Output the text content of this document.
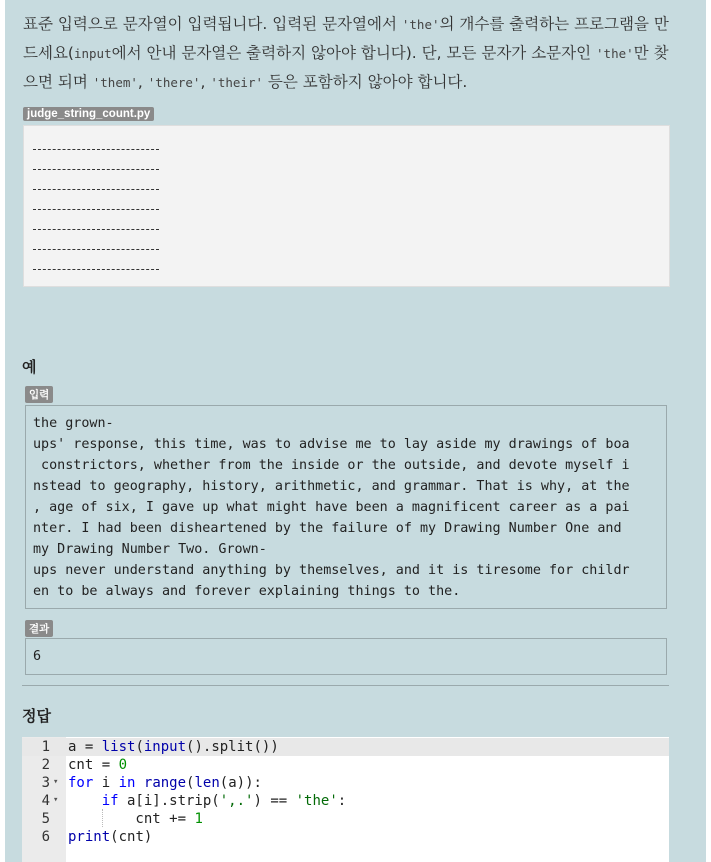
표준 입력으로 문자열이 입력됩니다. 입력된 문자열에서 'the'의 개수를 출력하는 프로그램을 만
드세요(input에서 안내 문자열은 출력하지 않아야 합니다). 단, 모든 문자가 소문자인 'the'만 찾
으면 되며 'them', 'there', 'their' 등은 포함하지 않아야 합니다.
judge_string_count.py
예
입력
the grown-
ups' response, this time, was to advise me to lay aside my drawings of boa
constrictors, whether from the inside or the outside, and devote myself i
nstead to geography, history, arithmetic, and grammar. That is why, at the
, age of six, I gave up what might have been a magnificent career as a pai
nter. I had been disheartened by the failure of my Drawing Number One and
my Drawing Number Two. Grown-
ups never understand anything by themselves, and it is tiresome for childr
en to be always and forever explaining things to the.
결과
6
정답
1 a = list(input().split())
2 cnt = 0
3 ▾ for i in range(len(a)):
4 ▾	if a[i].strip(',.') == 'the':
5 cnt += 1
6 print(cnt)
